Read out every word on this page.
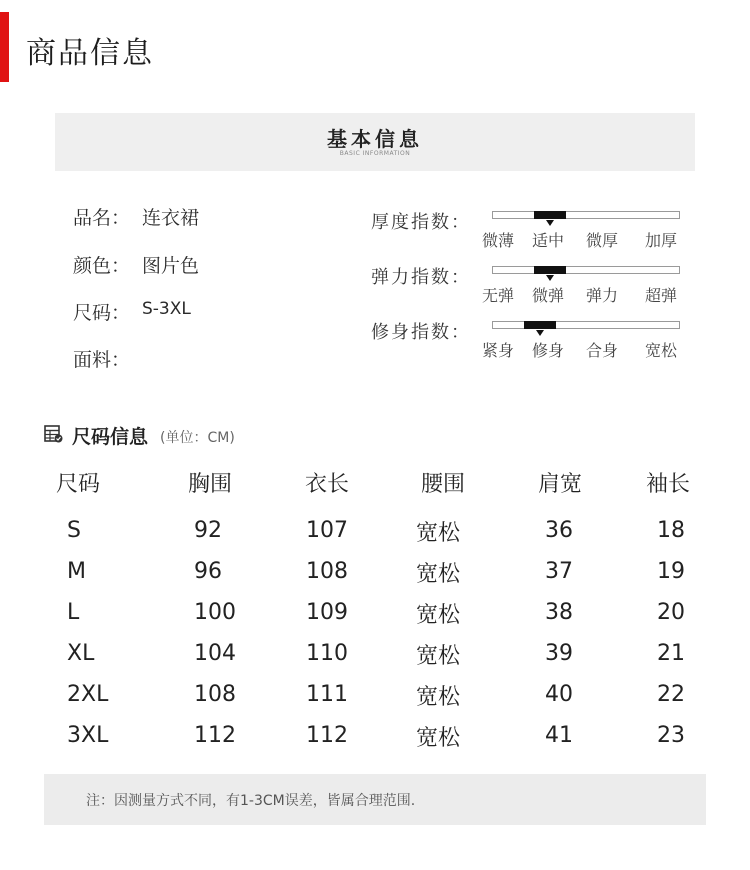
商品信息
基本信息
BASIC INFORMATION
品名： 连衣裙
颜色： 图片色
尺码： S-3XL
面料：
厚度指数：
微薄 适中 微厚 加厚
弹力指数：
无弹 微弹 弹力 超弹
修身指数：
紧身 修身 合身 宽松
尺码信息 (单位：CM)
尺码	胸围	衣长	腰围	肩宽	袖长
S	92	107	宽松	36	18
M	96	108	宽松	37	19
L	100	109	宽松	38	20
XL	104	110	宽松	39	21
2XL	108	111	宽松	40	22
3XL	112	112	宽松	41	23
注：因测量方式不同，有1-3CM误差，皆属合理范围.
